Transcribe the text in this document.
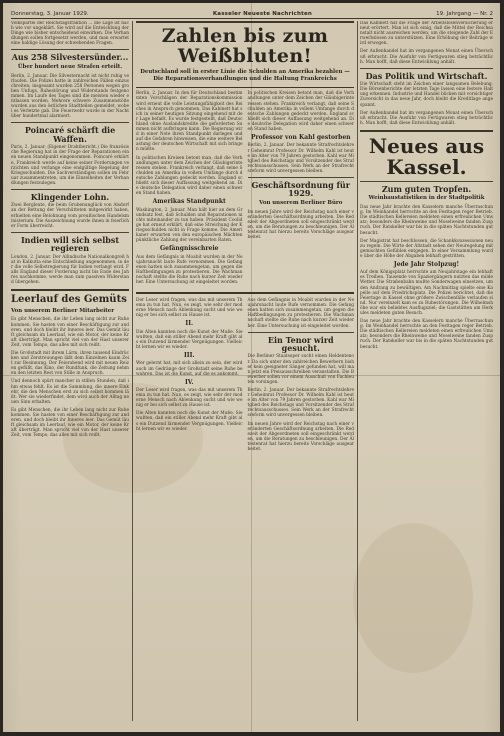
Donnerstag, 3. Januar 1929.	Kasseler Neueste Nachrichten	19. Jahrgang — Nr. 2

Volkspartei der Reichstagsfraktion ... die Lage ist nach wie vor ungeklärt. Sie wird auf die Entwicklung der Dinge wie bisher entscheidend einwirken. Die Verhandlungen sollen fortgesetzt werden, und man erwartet eine baldige Lösung der schwebenden Fragen.

Aus 258 Silvestersünder...
Über hundert neue Strafen erteilt.

Berlin, 2. Januar. Die Silvesternacht ist nicht ruhig verlaufen. Die Polizei hatte in zahlreichen Fällen einzuschreiten; insgesamt wurden 258 Personen wegen groben Unfugs, Ruhestörung und Widerstands festgenommen. Im Laufe des Tages sind die meisten wieder entlassen worden. Mehrere schwere Zusammenstöße wurden aus den östlichen Stadtteilen gemeldet, wobei es Verletzte gab. Die Feuerwehr wurde in der Nacht über hundertmal alarmiert.

Poincaré schärft die Waffen.

Paris, 2. Januar. (Eigener Drahtbericht.) Die französische Regierung hat in der Frage der Reparationen einen neuen Standpunkt eingenommen. Poincaré erklärte, Frankreich werde auf keine seiner Forderungen verzichten und verlange eine endgültige Regelung der Kriegsschulden. Die Sachverständigen sollen im Februar zusammentreten, um die Einzelheiten der Verhandlungen festzulegen.

Klingender Lohn.

Zwei Bergleute, die beim Grubenunglück von Alsdorf an der Rettung der Verschütteten mitgewirkt haben, erhielten eine Belohnung vom preußischen Handelsministerium. Die Auszeichnung wurde ihnen in feierlicher Form überreicht.

Indien will sich selbst regieren

London, 2. Januar. Der Allindische Nationalkongreß hat in Kalkutta eine Entschließung angenommen, in der die volle Selbstregierung für Indien verlangt wird. Falls England dieser Forderung nicht bis Ende des Jahres nachkomme, werde man zum passiven Widerstand übergehen.

Leerlauf des Gemüts
Von unserem Berliner Mitarbeiter

Es gibt Menschen, die ihr Leben lang nicht zur Ruhe kommen. Sie hasten von einer Beschäftigung zur anderen, und doch bleibt ihr Inneres leer. Das Gemüt läuft gleichsam im Leerlauf, wie ein Motor, der keine Kraft überträgt. Man spricht viel von der Hast unserer Zeit, vom Tempo, das alles mit sich reißt.

Die Großstadt mit ihrem Lärm, ihren tausend Eindrücken und Zerstreuungen läßt dem Einzelnen kaum Zeit zur Besinnung. Der Feierabend wird mit neuen Reizen gefüllt, das Kino, der Rundfunk, die Zeitung nehmen den letzten Rest von Stille in Anspruch.

Und dennoch spürt mancher in stillen Stunden, daß ihm etwas fehlt. Es ist die Sammlung, die innere Einkehr, die den Menschen erst zu sich selbst kommen läßt. Wer sie wiederfindet, dem wird auch der Alltag neuen Sinn erhalten.

Es gibt Menschen, die ihr Leben lang nicht zur Ruhe kommen. Sie hasten von einer Beschäftigung zur anderen, und doch bleibt ihr Inneres leer. Das Gemüt läuft gleichsam im Leerlauf, wie ein Motor, der keine Kraft überträgt. Man spricht viel von der Hast unserer Zeit, vom Tempo, das alles mit sich reißt.

Zahlen bis zum Weißbluten!
Deutschland soll in erster Linie die Schulden an Amerika bezahlen — Die Reparationsverhandlungen und die Haltung Frankreichs

Berlin, 2. Januar. In den für Deutschland bestimmten Vorschlägen der Reparationskommission wird erneut die volle Leistungsfähigkeit des Reiches in Anspruch genommen. Das Kabinett hat sich in seiner heutigen Sitzung eingehend mit der Lage befaßt. Es wurde festgestellt, daß Deutschland ohne Auslandskredite die geforderten Summen nicht aufbringen kann. Die Regierung wird in einer Note ihren Standpunkt darlegen und auf die Gefahren hinweisen, die eine weitere Belastung der deutschen Wirtschaft mit sich bringen müßte.

In politischen Kreisen betont man, daß die Verhandlungen unter dem Zeichen der Gläubigerinteressen stehen. Frankreich verlangt, daß seine Schulden an Amerika in vollem Umfange durch deutsche Zahlungen gedeckt werden. England schließt sich dieser Auffassung weitgehend an. Die deutsche Delegation wird daher einen schweren Stand haben.

Amerikas Standpunkt

Washington, 2. Januar. Man hält hier an dem Grundsatz fest, daß Schulden und Reparationen nichts miteinander zu tun haben. Präsident Coolidge hat erneut erklärt, daß eine Streichung der Kriegsschulden nicht in Frage komme. Die Amerikaner erwarten von den europäischen Mächten pünktliche Zahlung der vereinbarten Raten.

Gefängnisschreie

Aus dem Gefängnis in Moabit wurden in der Neujahrsnacht laute Rufe vernommen. Die Gefangenen hatten sich zusammengetan, um gegen die Haftbedingungen zu protestieren. Die Wachmannschaft stellte die Ruhe nach kurzer Zeit wieder her. Eine Untersuchung ist eingeleitet worden.

In politischen Kreisen betont man, daß die Verhandlungen unter dem Zeichen der Gläubigerinteressen stehen. Frankreich verlangt, daß seine Schulden an Amerika in vollem Umfange durch deutsche Zahlungen gedeckt werden. England schließt sich dieser Auffassung weitgehend an. Die deutsche Delegation wird daher einen schweren Stand haben.

Professor von Kahl gestorben

Berlin, 2. Januar. Der bekannte Strafrechtslehrer Geheimrat Professor Dr. Wilhelm Kahl ist heute im Alter von 79 Jahren gestorben. Kahl war Mitglied des Reichstags und Vorsitzender des Strafrechtsausschusses. Sein Werk an der Strafrechtsreform wird unvergessen bleiben.

Geschäftsordnung für 1929.
Von unserem Berliner Büro

Im neuen Jahre wird der Reichstag nach einer veränderten Geschäftsordnung arbeiten. Die Redezeit der Abgeordneten soll eingeschränkt werden, um die Beratungen zu beschleunigen. Der Ältestenrat hat hierzu bereits Vorschläge ausgearbeitet.

Der Leser wird fragen, was das mit unserem Thema zu tun hat. Nun, es zeigt, wie sehr der moderne Mensch nach Ablenkung sucht und wie wenig er bei sich selbst zu Hause ist.

II.

Die Alten kannten noch die Kunst der Muße. Sie wußten, daß ein stiller Abend mehr Kraft gibt als ein Dutzend lärmender Vergnügungen. Vielleicht lernen wir es wieder.

III.

Wer gelernt hat, mit sich allein zu sein, der wird auch im Gedränge der Großstadt seine Ruhe bewahren. Das ist die Kunst, auf die es ankommt.

IV.

Der Leser wird fragen, was das mit unserem Thema zu tun hat. Nun, es zeigt, wie sehr der moderne Mensch nach Ablenkung sucht und wie wenig er bei sich selbst zu Hause ist.

Die Alten kannten noch die Kunst der Muße. Sie wußten, daß ein stiller Abend mehr Kraft gibt als ein Dutzend lärmender Vergnügungen. Vielleicht lernen wir es wieder.

Aus dem Gefängnis in Moabit wurden in der Neujahrsnacht laute Rufe vernommen. Die Gefangenen hatten sich zusammengetan, um gegen die Haftbedingungen zu protestieren. Die Wachmannschaft stellte die Ruhe nach kurzer Zeit wieder her. Eine Untersuchung ist eingeleitet worden.

Ein Tenor wird gesucht.

Die Berliner Staatsoper sucht einen Heldentenor. Da sich unter den zahlreichen Bewerbern bisher kein geeigneter Sänger gefunden hat, will man jetzt ein Preisausschreiben veranstalten. Die Bewerber sollen vor einem Ausschuß von Fachleuten vorsingen.

Berlin, 2. Januar. Der bekannte Strafrechtslehrer Geheimrat Professor Dr. Wilhelm Kahl ist heute im Alter von 79 Jahren gestorben. Kahl war Mitglied des Reichstags und Vorsitzender des Strafrechtsausschusses. Sein Werk an der Strafrechtsreform wird unvergessen bleiben.

Im neuen Jahre wird der Reichstag nach einer veränderten Geschäftsordnung arbeiten. Die Redezeit der Abgeordneten soll eingeschränkt werden, um die Beratungen zu beschleunigen. Der Ältestenrat hat hierzu bereits Vorschläge ausgearbeitet.

Das Kabinett hat die Frage der Arbeitslosenversicherung erneut erörtert. Man ist sich einig, daß die Mittel der Reichsanstalt nicht ausreichen werden, um die steigende Zahl der Erwerbslosen zu unterstützen. Eine Erhöhung der Beiträge wird erwogen.

Der Außenhandel hat im vergangenen Monat einen Überschuß erbracht. Die Ausfuhr von Fertigwaren stieg beträchtlich. Man hofft, daß diese Entwicklung anhält.

Das Politik und Wirtschaft.

Die Wirtschaft steht im Zeichen einer langsamen Belebung. Die Börsenberichte der letzten Tage lassen eine festere Haltung erkennen. Industrie und Handel blicken mit vorsichtiger Zuversicht in das neue Jahr, doch bleibt die Kreditlage angespannt.

Der Außenhandel hat im vergangenen Monat einen Überschuß erbracht. Die Ausfuhr von Fertigwaren stieg beträchtlich. Man hofft, daß diese Entwicklung anhält.

Neues aus Kassel.
Zum guten Tropfen.
Weinbaustatistiken in der Stadtpolitik

Das neue Jahr brachte den Kasselern manche Überraschung. Im Weinhandel herrschte an den Festtagen reger Betrieb. Die städtischen Kellereien meldeten einen erfreulichen Umsatz; besonders die Rheinweine und Moselweine fanden Zuspruch. Der Ratskeller war bis in die späten Nachtstunden gut besucht.

Der Magistrat hat beschlossen, die Schankkonzessionen neu zu regeln. Die Wirte der Altstadt sehen der Neuregelung mit gemischten Gefühlen entgegen. In einer Versammlung wurde über die Höhe der Abgaben lebhaft gestritten.

Jede Jahr Stolpzug!

Auf dem Königsplatz herrschte am Neujahrstage ein lebhaftes Treiben. Tausende von Spaziergängern nutzten das milde Wetter. Die Straßenbahn mußte Sonderwagen einsetzen, um den Andrang zu bewältigen. Am Nachmittag spielte eine Kapelle auf dem Friedrichsplatz. Die Polizei berichtet, daß die Feiertage in Kassel ohne größere Zwischenfälle verlaufen sind. Nur vereinzelt kam es zu Ruhestörungen. Die Wilhelmshöhe war ein beliebtes Ausflugsziel; die Gaststätten am Herkules meldeten guten Besuch.

Das neue Jahr brachte den Kasselern manche Überraschung. Im Weinhandel herrschte an den Festtagen reger Betrieb. Die städtischen Kellereien meldeten einen erfreulichen Umsatz; besonders die Rheinweine und Moselweine fanden Zuspruch. Der Ratskeller war bis in die späten Nachtstunden gut besucht.
